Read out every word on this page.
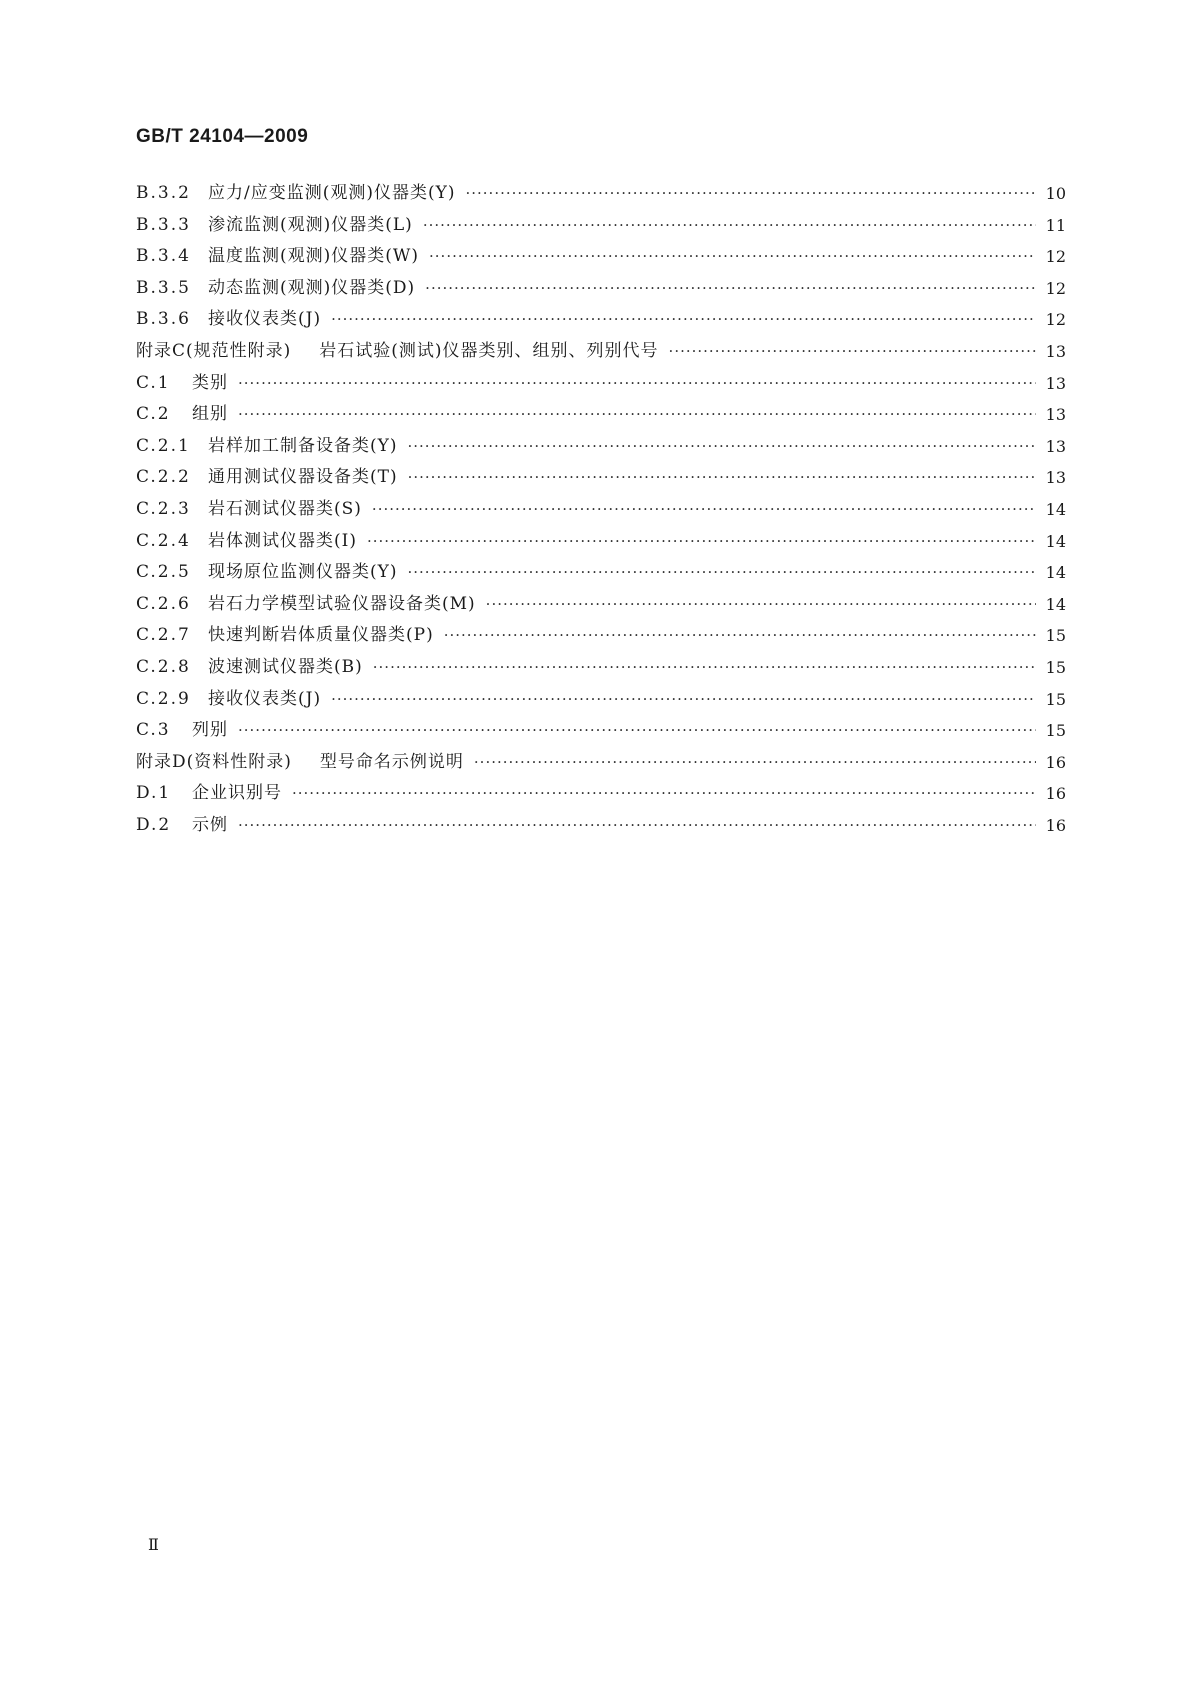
GB/T 24104—2009
B.3.2	应力/应变监测(观测)仪器类(Y) ·····	10
B.3.3	渗流监测(观测)仪器类(L) ·····	11
B.3.4	温度监测(观测)仪器类(W) ·····	12
B.3.5	动态监测(观测)仪器类(D) ·····	12
B.3.6	接收仪表类(J) ·····	12
附录C(规范性附录) 岩石试验(测试)仪器类别、组别、列别代号 ·····	13
C.1	类别 ·····	13
C.2	组别 ·····	13
C.2.1	岩样加工制备设备类(Y) ·····	13
C.2.2	通用测试仪器设备类(T) ·····	13
C.2.3	岩石测试仪器类(S) ·····	14
C.2.4	岩体测试仪器类(I) ·····	14
C.2.5	现场原位监测仪器类(Y) ·····	14
C.2.6	岩石力学模型试验仪器设备类(M) ·····	14
C.2.7	快速判断岩体质量仪器类(P) ·····	15
C.2.8	波速测试仪器类(B) ·····	15
C.2.9	接收仪表类(J) ·····	15
C.3	列别 ·····	15
附录D(资料性附录) 型号命名示例说明 ·····	16
D.1	企业识别号 ·····	16
D.2	示例 ·····	16
Ⅱ
